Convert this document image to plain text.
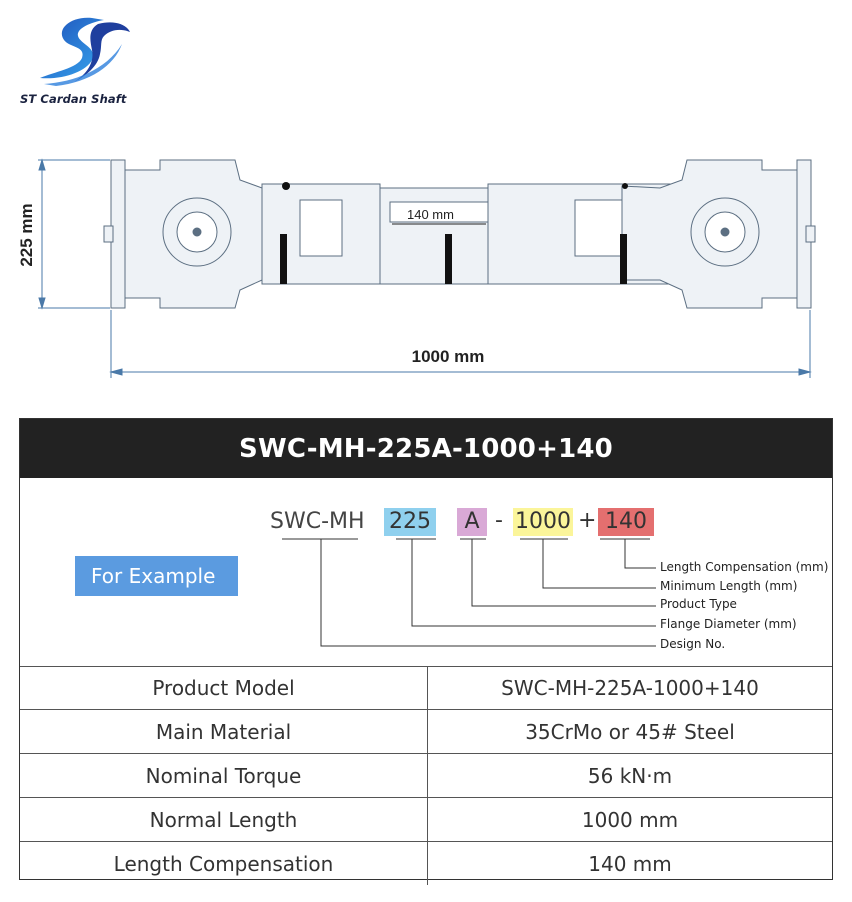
ST Cardan Shaft
140 mm
225 mm
1000 mm
SWC-MH-225A-1000+140
For Example
SWC-MH 225	A - 1000 + 140
Length Compensation (mm)
Minimum Length (mm)
Product Type
Flange Diameter (mm)
Design No.
Product Model	SWC-MH-225A-1000+140
Main Material	35CrMo or 45# Steel
Nominal Torque	56 kN·m
Normal Length	1000 mm
Length Compensation	140 mm
